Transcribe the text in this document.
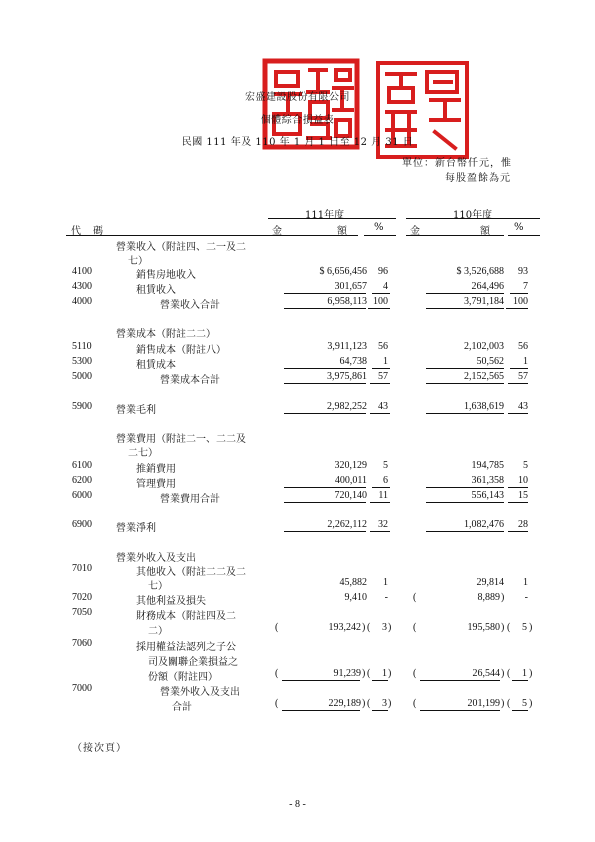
宏盛建設股份有限公司
個體綜合損益表
民國 111 年及 110 年 1 月 1 日至 12 月 31 日
單位：新台幣仟元，惟
每股盈餘為元
111年度	110年度
代　碼	金	額	%	金	額 %
營業收入（附註四、二一及二
七）
4100	銷售房地收入	$ 6,656,456	96	$ 3,526,688	93
4300	租賃收入	301,657	4	264,496	7
4000	營業收入合計	6,958,113 100	3,791,184 100
營業成本（附註二二）
5110	銷售成本（附註八）	3,911,123	56	2,102,003	56
5300	租賃成本	64,738	1	50,562	1
5000	營業成本合計	3,975,861	57	2,152,565	57
5900 營業毛利	2,982,252	43	1,638,619	43
營業費用（附註二一、二二及
二七）
6100	推銷費用	320,129	5	194,785	5
6200	管理費用	400,011	6	361,358	10
6000	營業費用合計	720,140	11	556,143	15
6900 營業淨利	2,262,112	32	1,082,476	28
營業外收入及支出
7010	其他收入（附註二二及二
七）	45,882	1	29,814	1
7020	其他利益及損失	9,410	-	(	8,889 )	-
7050	財務成本（附註四及二
二）	(	193,242 ) (	3 ) (	195,580 ) (	5 )
7060	採用權益法認列之子公
司及關聯企業損益之
份額（附註四）	(	91,239 ) (	1 ) (	26,544 ) (	1 )
7000	營業外收入及支出
合計	(	229,189 ) (	3 ) (	201,199 ) (	5 )
（接次頁）
- 8 -
